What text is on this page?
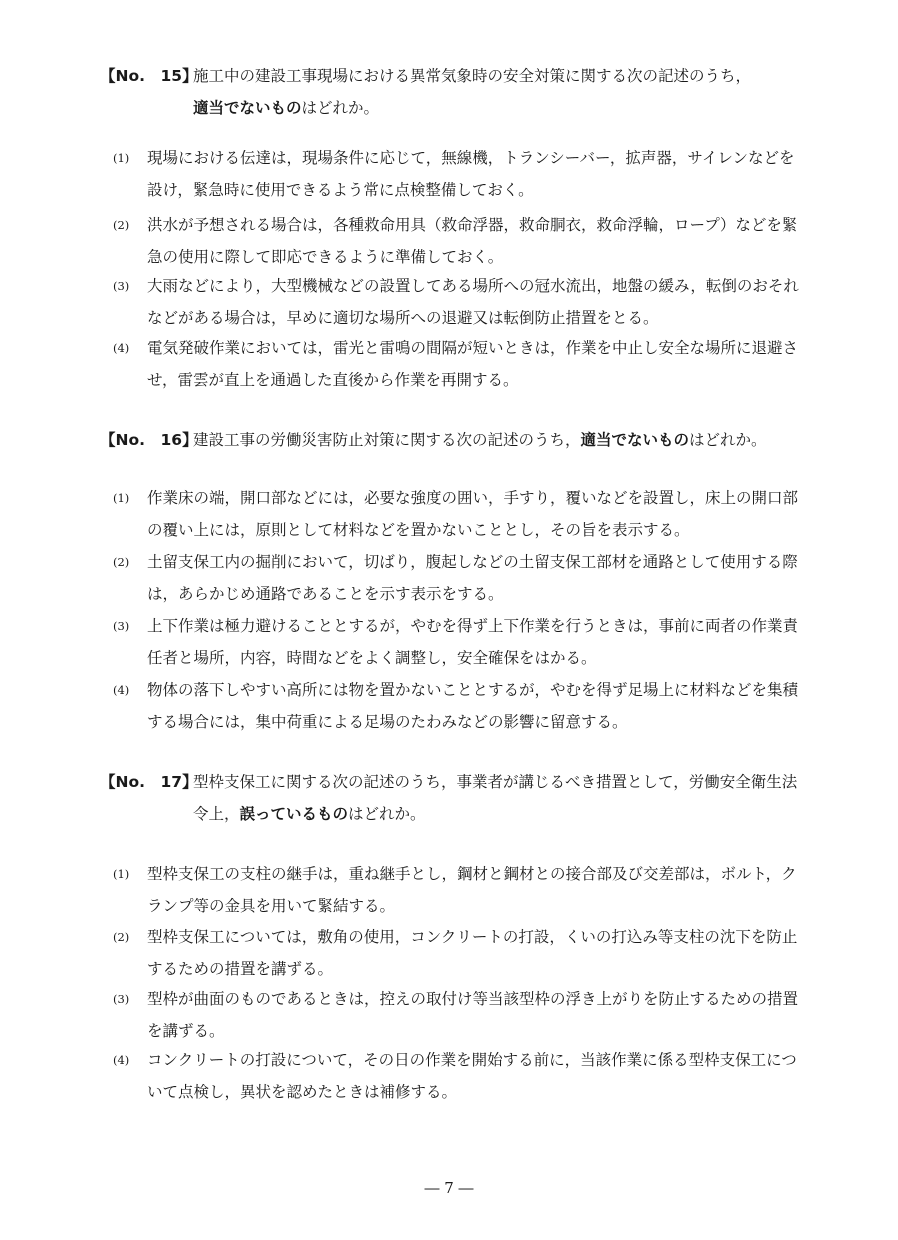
【No.　15】
施工中の建設工事現場における異常気象時の安全対策に関する次の記述のうち，
適当でないものはどれか。
(1) 現場における伝達は，現場条件に応じて，無線機，トランシーバー，拡声器，サイレンなどを
設け，緊急時に使用できるよう常に点検整備しておく。
(2) 洪水が予想される場合は，各種救命用具（救命浮器，救命胴衣，救命浮輪，ロープ）などを緊
急の使用に際して即応できるように準備しておく。
(3) 大雨などにより，大型機械などの設置してある場所への冠水流出，地盤の緩み，転倒のおそれ
などがある場合は，早めに適切な場所への退避又は転倒防止措置をとる。
(4) 電気発破作業においては，雷光と雷鳴の間隔が短いときは，作業を中止し安全な場所に退避さ
せ，雷雲が直上を通過した直後から作業を再開する。
【No.　16】
建設工事の労働災害防止対策に関する次の記述のうち，適当でないものはどれか。
(1) 作業床の端，開口部などには，必要な強度の囲い，手すり，覆いなどを設置し，床上の開口部
の覆い上には，原則として材料などを置かないこととし，その旨を表示する。
(2) 土留支保工内の掘削において，切ばり，腹起しなどの土留支保工部材を通路として使用する際
は，あらかじめ通路であることを示す表示をする。
(3) 上下作業は極力避けることとするが，やむを得ず上下作業を行うときは，事前に両者の作業責
任者と場所，内容，時間などをよく調整し，安全確保をはかる。
(4) 物体の落下しやすい高所には物を置かないこととするが，やむを得ず足場上に材料などを集積
する場合には，集中荷重による足場のたわみなどの影響に留意する。
【No.　17】
型枠支保工に関する次の記述のうち，事業者が講じるべき措置として，労働安全衛生法
令上，誤っているものはどれか。
(1) 型枠支保工の支柱の継手は，重ね継手とし，鋼材と鋼材との接合部及び交差部は，ボルト，ク
ランプ等の金具を用いて緊結する。
(2) 型枠支保工については，敷角の使用，コンクリートの打設，くいの打込み等支柱の沈下を防止
するための措置を講ずる。
(3) 型枠が曲面のものであるときは，控えの取付け等当該型枠の浮き上がりを防止するための措置
を講ずる。
(4) コンクリートの打設について，その日の作業を開始する前に，当該作業に係る型枠支保工につ
いて点検し，異状を認めたときは補修する。
― 7 ―
